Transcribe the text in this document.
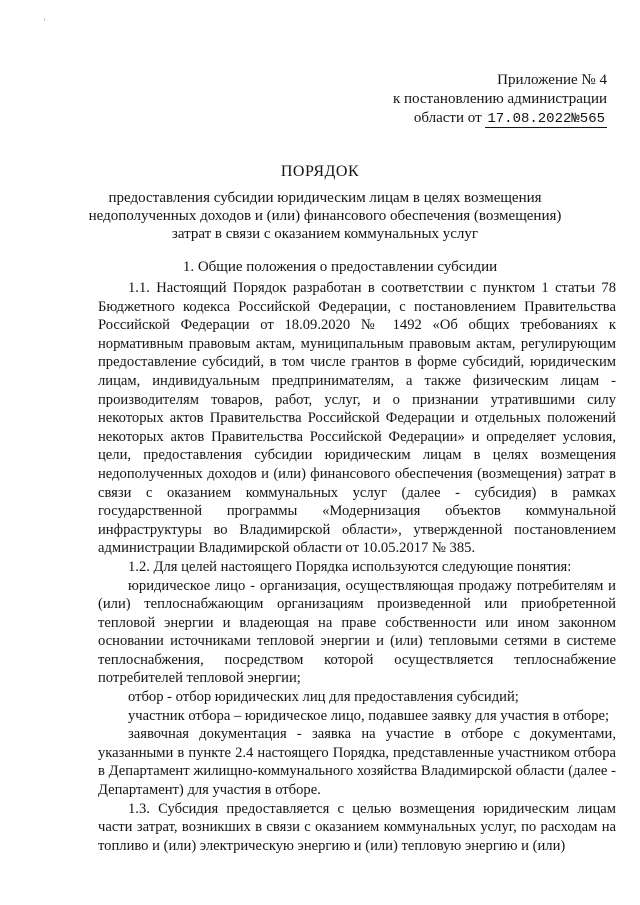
˒
Приложение № 4
к постановлению администрации
области от 17.08.2022№565
ПОРЯДОК
предоставления субсидии юридическим лицам в целях возмещения недополученных доходов и (или) финансового обеспечения (возмещения) затрат в связи с оказанием коммунальных услуг
1. Общие положения о предоставлении субсидии

1.1. Настоящий Порядок разработан в соответствии с пунктом 1 статьи 78 Бюджетного кодекса Российской Федерации, с постановлением Правительства Российской Федерации от 18.09.2020 № 1492 «Об общих требованиях к нормативным правовым актам, муниципальным правовым актам, регулирующим предоставление субсидий, в том числе грантов в форме субсидий, юридическим лицам, индивидуальным предпринимателям, а также физическим лицам - производителям товаров, работ, услуг, и о признании утратившими силу некоторых актов Правительства Российской Федерации и отдельных положений некоторых актов Правительства Российской Федерации» и определяет условия, цели, предоставления субсидии юридическим лицам в целях возмещения недополученных доходов и (или) финансового обеспечения (возмещения) затрат в связи с оказанием коммунальных услуг (далее - субсидия) в рамках государственной программы «Модернизация объектов коммунальной инфраструктуры во Владимирской области», утвержденной постановлением администрации Владимирской области от 10.05.2017 № 385.

1.2. Для целей настоящего Порядка используются следующие понятия:

юридическое лицо - организация, осуществляющая продажу потребителям и (или) теплоснабжающим организациям произведенной или приобретенной тепловой энергии и владеющая на праве собственности или ином законном основании источниками тепловой энергии и (или) тепловыми сетями в системе теплоснабжения, посредством которой осуществляется теплоснабжение потребителей тепловой энергии;

отбор - отбор юридических лиц для предоставления субсидий;

участник отбора – юридическое лицо, подавшее заявку для участия в отборе;

заявочная документация - заявка на участие в отборе с документами, указанными в пункте 2.4 настоящего Порядка, представленные участником отбора в Департамент жилищно-коммунального хозяйства Владимирской области (далее - Департамент) для участия в отборе.

1.3. Субсидия предоставляется с целью возмещения юридическим лицам части затрат, возникших в связи с оказанием коммунальных услуг, по расходам на топливо и (или) электрическую энергию и (или) тепловую энергию и (или)
